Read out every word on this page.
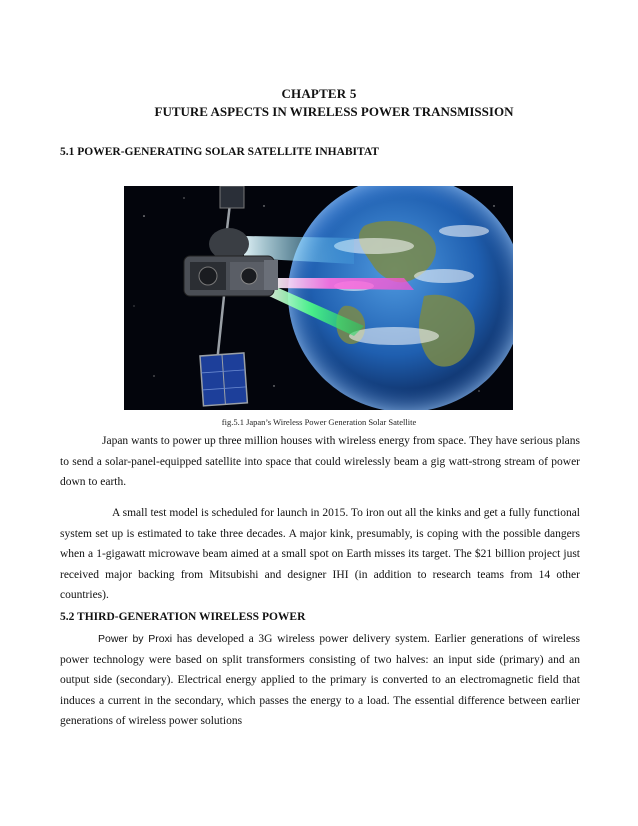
CHAPTER 5
FUTURE ASPECTS IN WIRELESS POWER TRANSMISSION
5.1 POWER-GENERATING SOLAR SATELLITE INHABITAT
fig.5.1 Japan’s Wireless Power Generation Solar Satellite

Japan wants to power up three million houses with wireless energy from space. They have serious plans to send a solar-panel-equipped satellite into space that could wirelessly beam a gig watt-strong stream of power down to earth.

A small test model is scheduled for launch in 2015. To iron out all the kinks and get a fully functional system set up is estimated to take three decades. A major kink, presumably, is coping with the possible dangers when a 1-gigawatt microwave beam aimed at a small spot on Earth misses its target. The $21 billion project just received major backing from Mitsubishi and designer IHI (in addition to research teams from 14 other countries).

5.2 THIRD-GENERATION WIRELESS POWER

Power by Proxi has developed a 3G wireless power delivery system. Earlier generations of wireless power technology were based on split transformers consisting of two halves: an input side (primary) and an output side (secondary). Electrical energy applied to the primary is converted to an electromagnetic field that induces a current in the secondary, which passes the energy to a load. The essential difference between earlier generations of wireless power solutions
